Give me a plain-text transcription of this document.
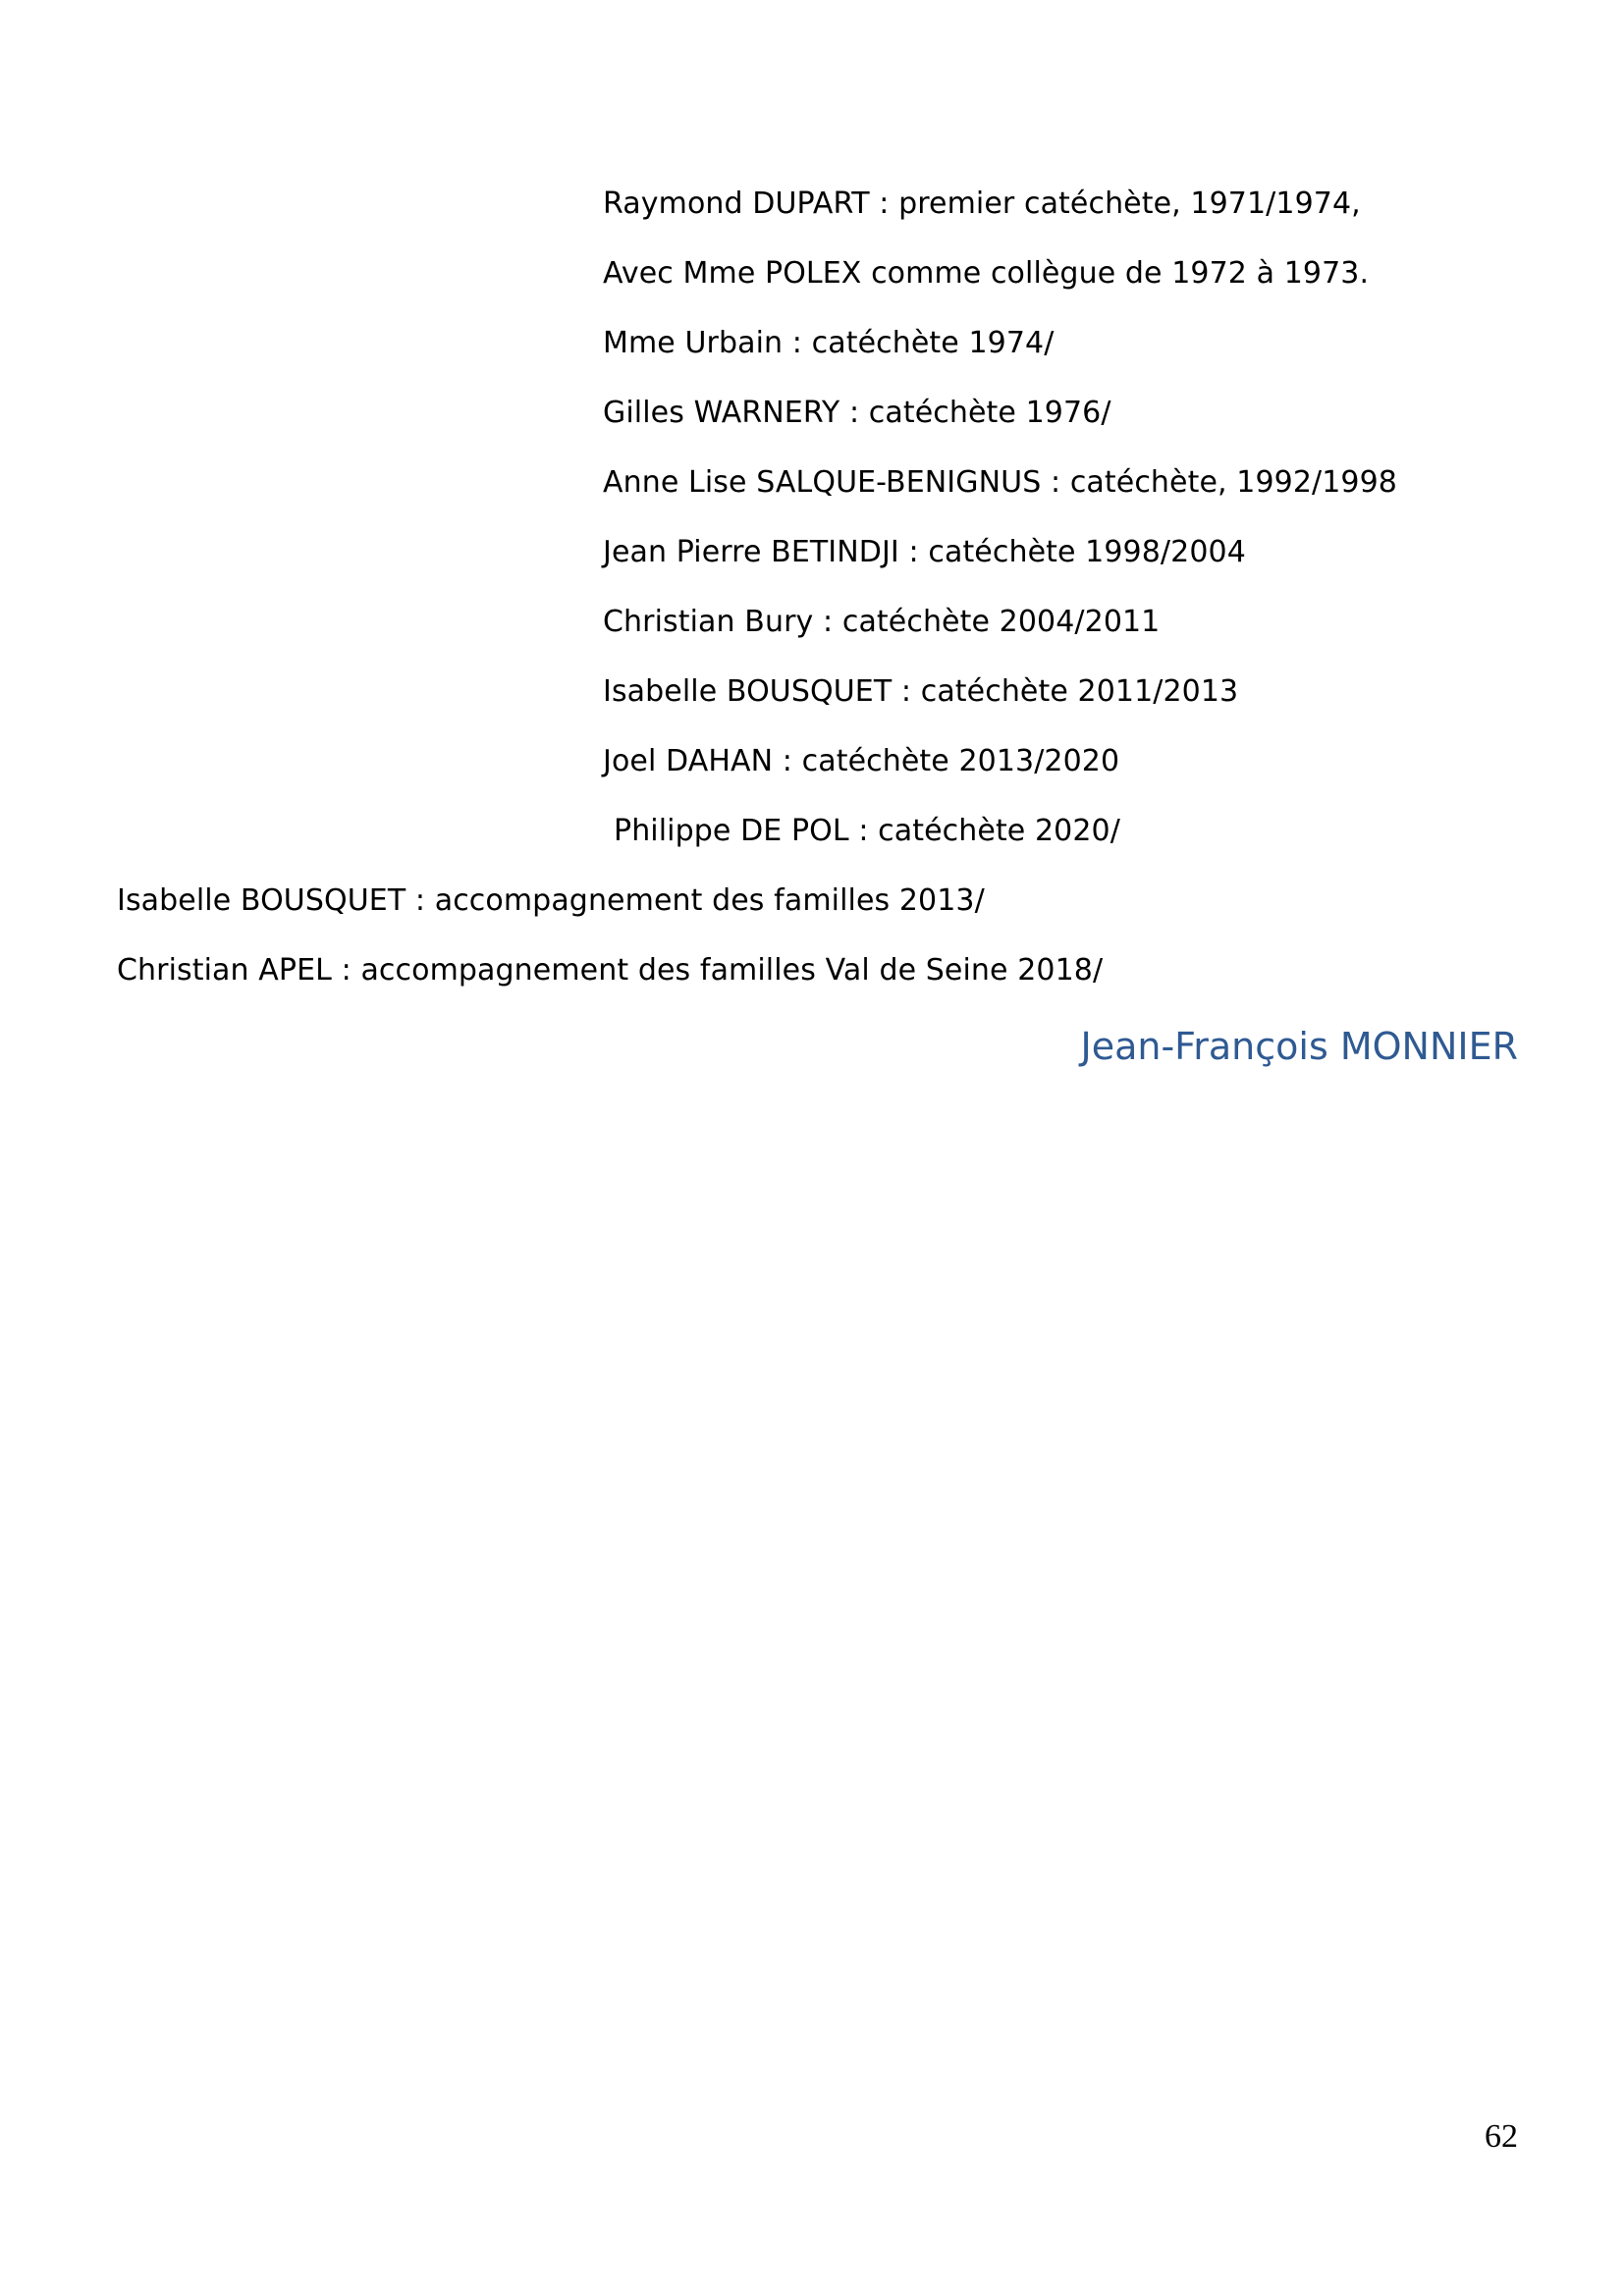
Raymond DUPART : premier catéchète, 1971/1974,
Avec Mme POLEX comme collègue de 1972 à 1973.
Mme Urbain : catéchète 1974/
Gilles WARNERY : catéchète 1976/
Anne Lise SALQUE-BENIGNUS : catéchète, 1992/1998
Jean Pierre BETINDJI : catéchète 1998/2004
Christian Bury : catéchète 2004/2011
Isabelle BOUSQUET : catéchète 2011/2013
Joel DAHAN : catéchète 2013/2020
Philippe DE POL : catéchète 2020/
Isabelle BOUSQUET : accompagnement des familles 2013/
Christian APEL : accompagnement des familles Val de Seine 2018/
Jean-François MONNIER
62
